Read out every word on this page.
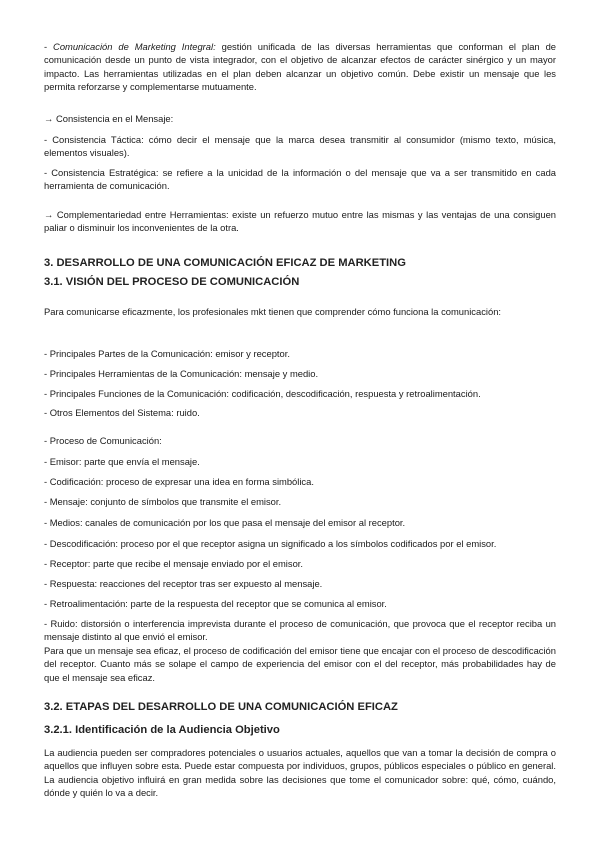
- Comunicación de Marketing Integral: gestión unificada de las diversas herramientas que conforman el plan de comunicación desde un punto de vista integrador, con el objetivo de alcanzar efectos de carácter sinérgico y un mayor impacto. Las herramientas utilizadas en el plan deben alcanzar un objetivo común. Debe existir un mensaje que les permita reforzarse y complementarse mutuamente.

→ Consistencia en el Mensaje:

- Consistencia Táctica: cómo decir el mensaje que la marca desea transmitir al consumidor (mismo texto, música, elementos visuales).

- Consistencia Estratégica: se refiere a la unicidad de la información o del mensaje que va a ser transmitido en cada herramienta de comunicación.

→ Complementariedad entre Herramientas: existe un refuerzo mutuo entre las mismas y las ventajas de una consiguen paliar o disminuir los inconvenientes de la otra.

3. DESARROLLO DE UNA COMUNICACIÓN EFICAZ DE MARKETING
3.1. VISIÓN DEL PROCESO DE COMUNICACIÓN

Para comunicarse eficazmente, los profesionales mkt tienen que comprender cómo funciona la comunicación:

- Principales Partes de la Comunicación: emisor y receptor.

- Principales Herramientas de la Comunicación: mensaje y medio.

- Principales Funciones de la Comunicación: codificación, descodificación, respuesta y retroalimentación.

- Otros Elementos del Sistema: ruido.

- Proceso de Comunicación:

- Emisor: parte que envía el mensaje.

- Codificación: proceso de expresar una idea en forma simbólica.

- Mensaje: conjunto de símbolos que transmite el emisor.

- Medios: canales de comunicación por los que pasa el mensaje del emisor al receptor.

- Descodificación: proceso por el que receptor asigna un significado a los símbolos codificados por el emisor.

- Receptor: parte que recibe el mensaje enviado por el emisor.

- Respuesta: reacciones del receptor tras ser expuesto al mensaje.

- Retroalimentación: parte de la respuesta del receptor que se comunica al emisor.

- Ruido: distorsión o interferencia imprevista durante el proceso de comunicación, que provoca que el receptor reciba un mensaje distinto al que envió el emisor.

Para que un mensaje sea eficaz, el proceso de codificación del emisor tiene que encajar con el proceso de descodificación del receptor. Cuanto más se solape el campo de experiencia del emisor con el del receptor, más probabilidades hay de que el mensaje sea eficaz.

3.2. ETAPAS DEL DESARROLLO DE UNA COMUNICACIÓN EFICAZ
3.2.1. Identificación de la Audiencia Objetivo

La audiencia pueden ser compradores potenciales o usuarios actuales, aquellos que van a tomar la decisión de compra o aquellos que influyen sobre esta. Puede estar compuesta por individuos, grupos, públicos especiales o público en general. La audiencia objetivo influirá en gran medida sobre las decisiones que tome el comunicador sobre: qué, cómo, cuándo, dónde y quién lo va a decir.
